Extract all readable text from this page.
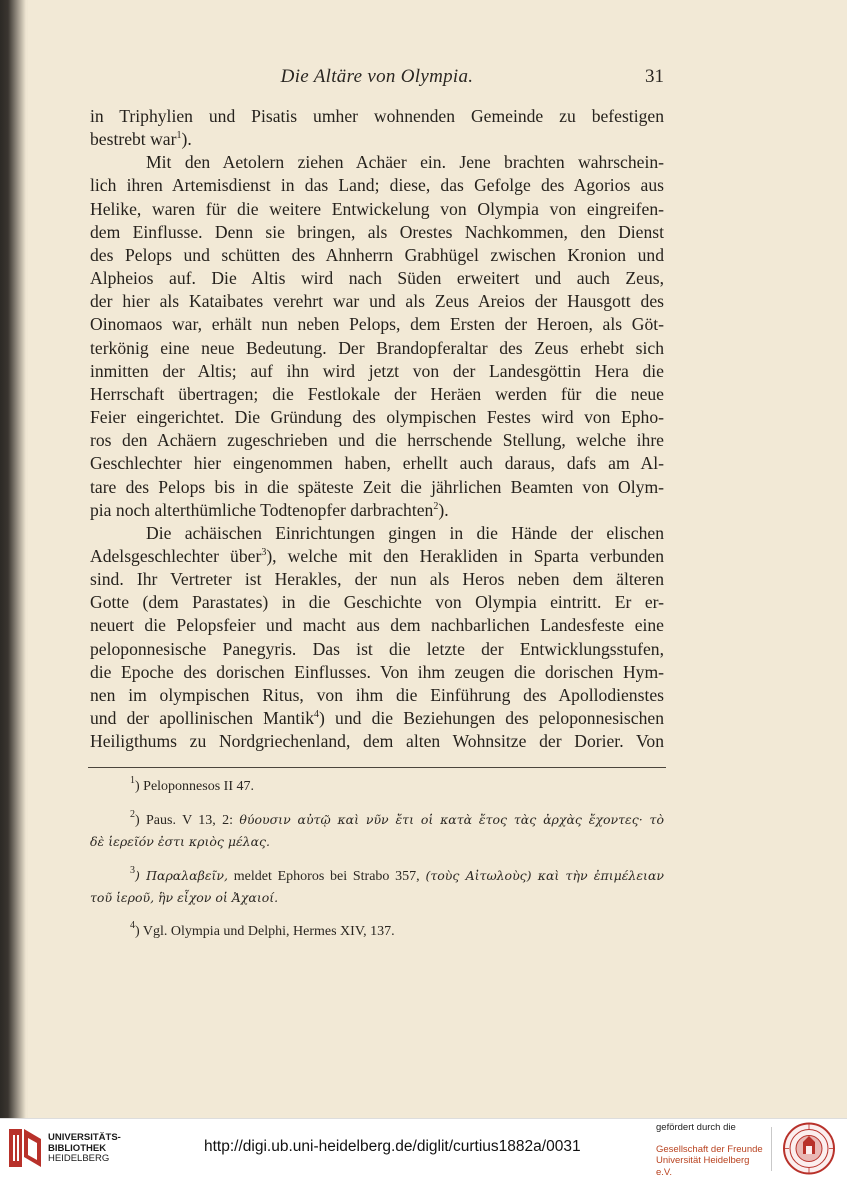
Die Altäre von Olympia.	31

in Triphylien und Pisatis umher wohnenden Gemeinde zu befestigen

bestrebt war$^1$).

Mit den Aetolern ziehen Achäer ein. Jene brachten wahrschein-

lich ihren Artemisdienst in das Land; diese, das Gefolge des Agorios aus

Helike, waren für die weitere Entwickelung von Olympia von eingreifen-

dem Einflusse. Denn sie bringen, als Orestes Nachkommen, den Dienst

des Pelops und schütten des Ahnherrn Grabhügel zwischen Kronion und

Alpheios auf. Die Altis wird nach Süden erweitert und auch Zeus,

der hier als Kataibates verehrt war und als Zeus Areios der Hausgott des

Oinomaos war, erhält nun neben Pelops, dem Ersten der Heroen, als Göt-

terkönig eine neue Bedeutung. Der Brandopferaltar des Zeus erhebt sich

inmitten der Altis; auf ihn wird jetzt von der Landesgöttin Hera die

Herrschaft übertragen; die Festlokale der Heräen werden für die neue

Feier eingerichtet. Die Gründung des olympischen Festes wird von Epho-

ros den Achäern zugeschrieben und die herrschende Stellung, welche ihre

Geschlechter hier eingenommen haben, erhellt auch daraus, dafs am Al-

tare des Pelops bis in die späteste Zeit die jährlichen Beamten von Olym-

pia noch alterthümliche Todtenopfer darbrachten$^2$).

Die achäischen Einrichtungen gingen in die Hände der elischen

Adelsgeschlechter über$^3$), welche mit den Herakliden in Sparta verbunden

sind. Ihr Vertreter ist Herakles, der nun als Heros neben dem älteren

Gotte (dem Parastates) in die Geschichte von Olympia eintritt. Er er-

neuert die Pelopsfeier und macht aus dem nachbarlichen Landesfeste eine

peloponnesische Panegyris. Das ist die letzte der Entwicklungsstufen,

die Epoche des dorischen Einflusses. Von ihm zeugen die dorischen Hym-

nen im olympischen Ritus, von ihm die Einführung des Apollodienstes

und der apollinischen Mantik$^4$) und die Beziehungen des peloponnesischen

Heiligthums zu Nordgriechenland, dem alten Wohnsitze der Dorier. Von

$^1$) Peloponnesos II 47.

$^2$) Paus. V 13, 2: θύουσιν αὐτῷ καὶ νῦν ἔτι οἱ κατὰ ἔτος τὰς ἀρχὰς ἔχοντες· τὸ

δὲ ἱερεῖόν ἐστι κριὸς μέλας.

$^3$) Παραλαβεῖν, meldet Ephoros bei Strabo 357, (τοὺς Αἰτωλοὺς) καὶ τὴν ἐπιμέλειαν

τοῦ ἱεροῦ, ἣν εἶχον οἱ Ἀχαιοί.

$^4$) Vgl. Olympia und Delphi, Hermes XIV, 137.

UNIVERSITÄTS-
BIBLIOTHEK
HEIDELBERG
http://digi.ub.uni-heidelberg.de/diglit/curtius1882a/0031
gefördert durch die
Gesellschaft der Freunde
Universität Heidelberg e.V.
